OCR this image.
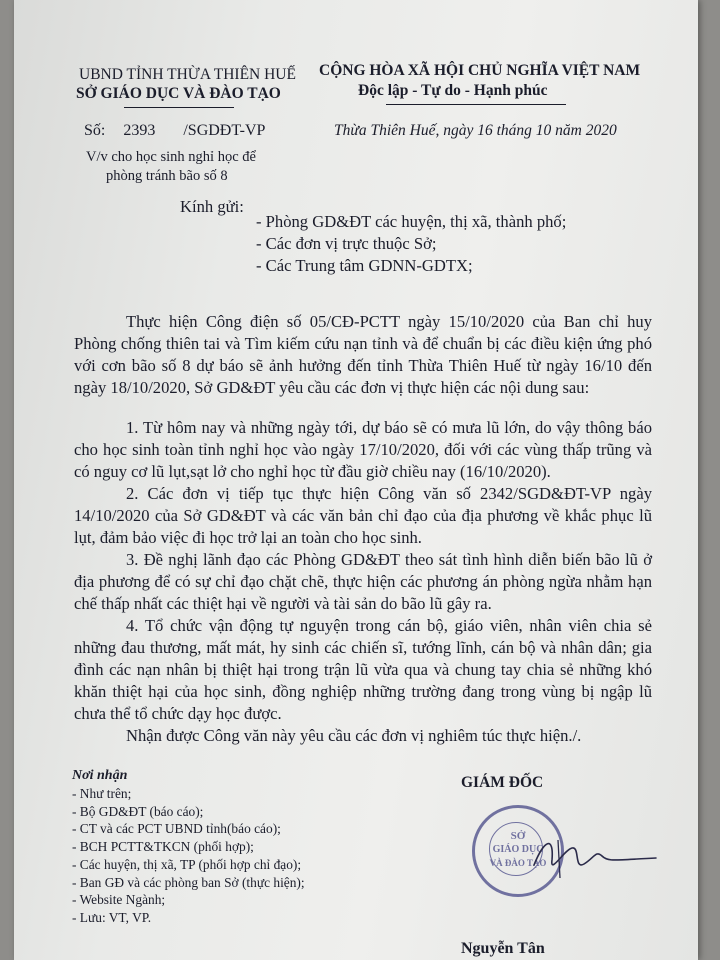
UBND TỈNH THỪA THIÊN HUẾ
SỞ GIÁO DỤC VÀ ĐÀO TẠO
CỘNG HÒA XÃ HỘI CHỦ NGHĨA VIỆT NAM
Độc lập - Tự do - Hạnh phúc
Số: 2393 /SGDĐT-VP	Thừa Thiên Huế, ngày 16 tháng 10 năm 2020
V/v cho học sinh nghỉ học để
phòng tránh bão số 8
Kính gửi:
- Phòng GD&ĐT các huyện, thị xã, thành phố;
- Các đơn vị trực thuộc Sở;
- Các Trung tâm GDNN-GDTX;
Thực hiện Công điện số 05/CĐ-PCTT ngày 15/10/2020 của Ban chỉ huy Phòng chống thiên tai và Tìm kiếm cứu nạn tỉnh và để chuẩn bị các điều kiện ứng phó với cơn bão số 8 dự báo sẽ ảnh hưởng đến tỉnh Thừa Thiên Huế từ ngày 16/10 đến ngày 18/10/2020, Sở GD&ĐT yêu cầu các đơn vị thực hiện các nội dung sau:
1. Từ hôm nay và những ngày tới, dự báo sẽ có mưa lũ lớn, do vậy thông báo cho học sinh toàn tỉnh nghỉ học vào ngày 17/10/2020, đối với các vùng thấp trũng và có nguy cơ lũ lụt,sạt lở cho nghỉ học từ đầu giờ chiều nay (16/10/2020).
2. Các đơn vị tiếp tục thực hiện Công văn số 2342/SGD&ĐT-VP ngày 14/10/2020 của Sở GD&ĐT và các văn bản chỉ đạo của địa phương về khắc phục lũ lụt, đảm bảo việc đi học trở lại an toàn cho học sinh.
3. Đề nghị lãnh đạo các Phòng GD&ĐT theo sát tình hình diễn biến bão lũ ở địa phương để có sự chỉ đạo chặt chẽ, thực hiện các phương án phòng ngừa nhằm hạn chế thấp nhất các thiệt hại về người và tài sản do bão lũ gây ra.
4. Tổ chức vận động tự nguyện trong cán bộ, giáo viên, nhân viên chia sẻ những đau thương, mất mát, hy sinh các chiến sĩ, tướng lĩnh, cán bộ và nhân dân; gia đình các nạn nhân bị thiệt hại trong trận lũ vừa qua và chung tay chia sẻ những khó khăn thiệt hại của học sinh, đồng nghiệp những trường đang trong vùng bị ngập lũ chưa thể tổ chức dạy học được.
Nhận được Công văn này yêu cầu các đơn vị nghiêm túc thực hiện./.
Nơi nhận
- Như trên;
- Bộ GD&ĐT (báo cáo);
- CT và các PCT UBND tỉnh(báo cáo);
- BCH PCTT&TKCN (phối hợp);
- Các huyện, thị xã, TP (phối hợp chỉ đạo);
- Ban GĐ và các phòng ban Sở (thực hiện);
- Website Ngành;
- Lưu: VT, VP.
GIÁM ĐỐC
SỞ
GIÁO DỤC
VÀ ĐÀO TẠO
Nguyễn Tân
